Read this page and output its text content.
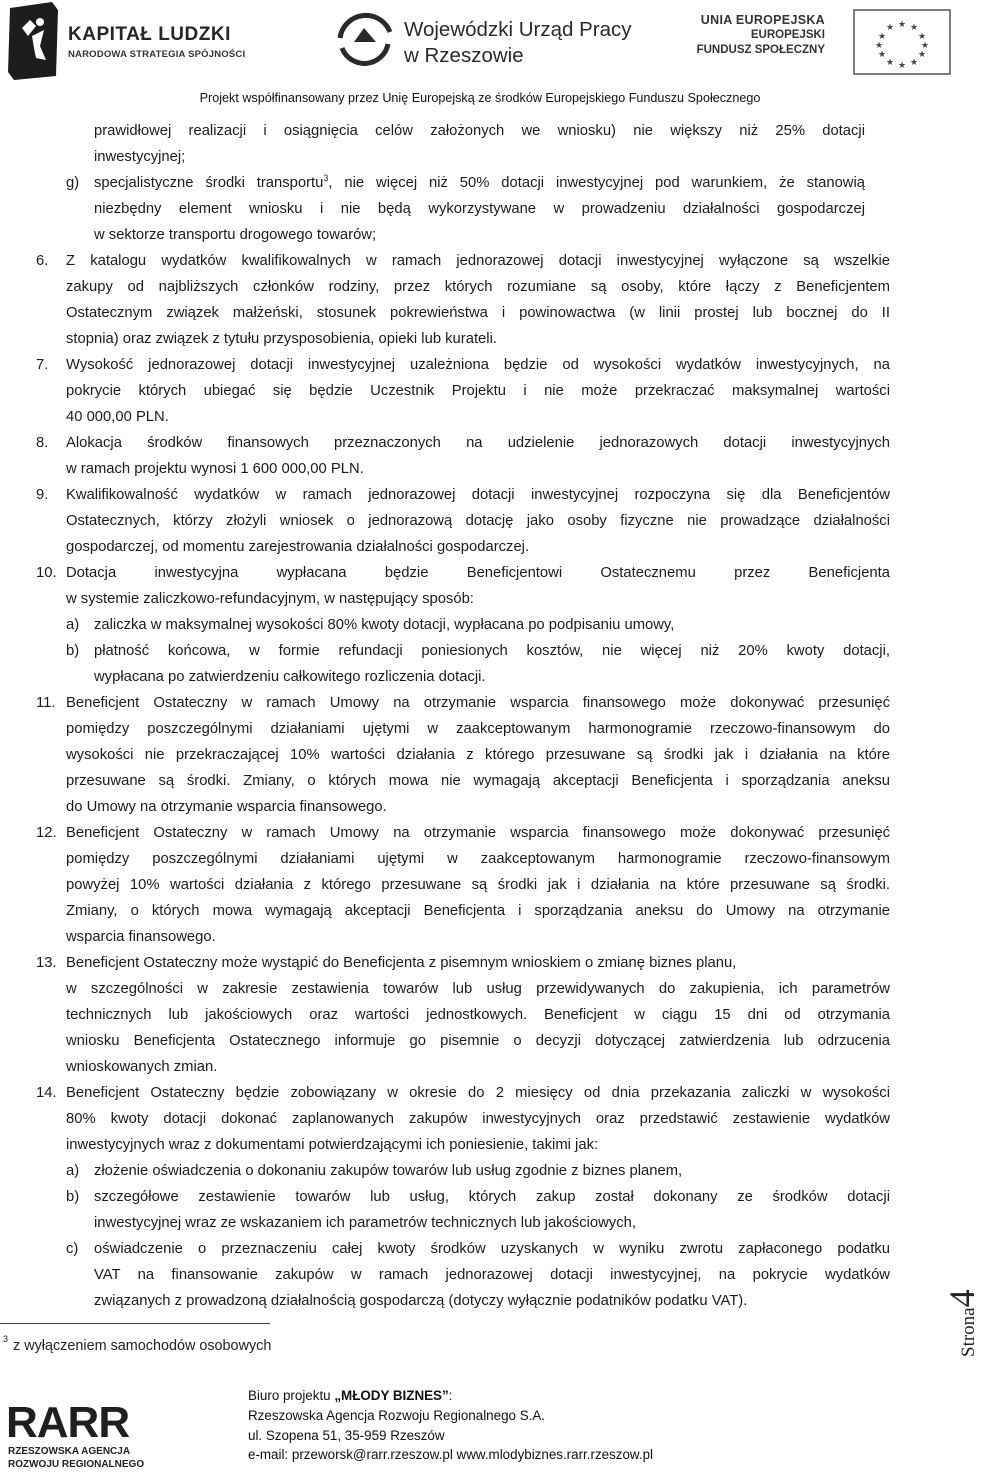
KAPITAŁ LUDZKI
NARODOWA STRATEGIA SPÓJNOŚCI
Wojewódzki Urząd Pracy
w Rzeszowie
UNIA EUROPEJSKA
EUROPEJSKI
FUNDUSZ SPOŁECZNY
★ ★
★
★
★
★
★
★
★
★
★
★
Projekt współfinansowany przez Unię Europejską ze środków Europejskiego Funduszu Społecznego
prawidłowej realizacji i osiągnięcia celów założonych we wniosku) nie większy niż 25% dotacji
inwestycyjnej;
g) specjalistyczne środki transportu$^3$, nie więcej niż 50% dotacji inwestycyjnej pod warunkiem, że stanowią
niezbędny element wniosku i nie będą wykorzystywane w prowadzeniu działalności gospodarczej
w sektorze transportu drogowego towarów;
6. Z katalogu wydatków kwalifikowalnych w ramach jednorazowej dotacji inwestycyjnej wyłączone są wszelkie
zakupy od najbliższych członków rodziny, przez których rozumiane są osoby, które łączy z Beneficjentem
Ostatecznym związek małżeński, stosunek pokrewieństwa i powinowactwa (w linii prostej lub bocznej do II
stopnia) oraz związek z tytułu przysposobienia, opieki lub kurateli.
7. Wysokość jednorazowej dotacji inwestycyjnej uzależniona będzie od wysokości wydatków inwestycyjnych, na
pokrycie których ubiegać się będzie Uczestnik Projektu i nie może przekraczać maksymalnej wartości
40 000,00 PLN.
8. Alokacja środków finansowych przeznaczonych na udzielenie jednorazowych dotacji inwestycyjnych
w ramach projektu wynosi 1 600 000,00 PLN.
9. Kwalifikowalność wydatków w ramach jednorazowej dotacji inwestycyjnej rozpoczyna się dla Beneficjentów
Ostatecznych, którzy złożyli wniosek o jednorazową dotację jako osoby fizyczne nie prowadzące działalności
gospodarczej, od momentu zarejestrowania działalności gospodarczej.
10. Dotacja inwestycyjna wypłacana będzie Beneficjentowi Ostatecznemu przez Beneficjenta
w systemie zaliczkowo-refundacyjnym, w następujący sposób:
a) zaliczka w maksymalnej wysokości 80% kwoty dotacji, wypłacana po podpisaniu umowy,
b) płatność końcowa, w formie refundacji poniesionych kosztów, nie więcej niż 20% kwoty dotacji,
wypłacana po zatwierdzeniu całkowitego rozliczenia dotacji.
11. Beneficjent Ostateczny w ramach Umowy na otrzymanie wsparcia finansowego może dokonywać przesunięć
pomiędzy poszczególnymi działaniami ujętymi w zaakceptowanym harmonogramie rzeczowo-finansowym do
wysokości nie przekraczającej 10% wartości działania z którego przesuwane są środki jak i działania na które
przesuwane są środki. Zmiany, o których mowa nie wymagają akceptacji Beneficjenta i sporządzania aneksu
do Umowy na otrzymanie wsparcia finansowego.
12. Beneficjent Ostateczny w ramach Umowy na otrzymanie wsparcia finansowego może dokonywać przesunięć
pomiędzy poszczególnymi działaniami ujętymi w zaakceptowanym harmonogramie rzeczowo-finansowym
powyżej 10% wartości działania z którego przesuwane są środki jak i działania na które przesuwane są środki.
Zmiany, o których mowa wymagają akceptacji Beneficjenta i sporządzania aneksu do Umowy na otrzymanie
wsparcia finansowego.
13. Beneficjent Ostateczny może wystąpić do Beneficjenta z pisemnym wnioskiem o zmianę biznes planu,
w szczególności w zakresie zestawienia towarów lub usług przewidywanych do zakupienia, ich parametrów
technicznych lub jakościowych oraz wartości jednostkowych. Beneficjent w ciągu 15 dni od otrzymania
wniosku Beneficjenta Ostatecznego informuje go pisemnie o decyzji dotyczącej zatwierdzenia lub odrzucenia
wnioskowanych zmian.
14. Beneficjent Ostateczny będzie zobowiązany w okresie do 2 miesięcy od dnia przekazania zaliczki w wysokości
80% kwoty dotacji dokonać zaplanowanych zakupów inwestycyjnych oraz przedstawić zestawienie wydatków
inwestycyjnych wraz z dokumentami potwierdzającymi ich poniesienie, takimi jak:
a) złożenie oświadczenia o dokonaniu zakupów towarów lub usług zgodnie z biznes planem,
b) szczegółowe zestawienie towarów lub usług, których zakup został dokonany ze środków dotacji
inwestycyjnej wraz ze wskazaniem ich parametrów technicznych lub jakościowych,
c) oświadczenie o przeznaczeniu całej kwoty środków uzyskanych w wyniku zwrotu zapłaconego podatku
VAT na finansowanie zakupów w ramach jednorazowej dotacji inwestycyjnej, na pokrycie wydatków
związanych z prowadzoną działalnością gospodarczą (dotyczy wyłącznie podatników podatku VAT).
3 z wyłączeniem samochodów osobowych	Strona4
RARR
RZESZOWSKA AGENCJA
ROZWOJU REGIONALNEGO
Biuro projektu „MŁODY BIZNES”:
Rzeszowska Agencja Rozwoju Regionalnego S.A.
ul. Szopena 51, 35-959 Rzeszów
e-mail: przeworsk@rarr.rzeszow.pl www.mlodybiznes.rarr.rzeszow.pl
